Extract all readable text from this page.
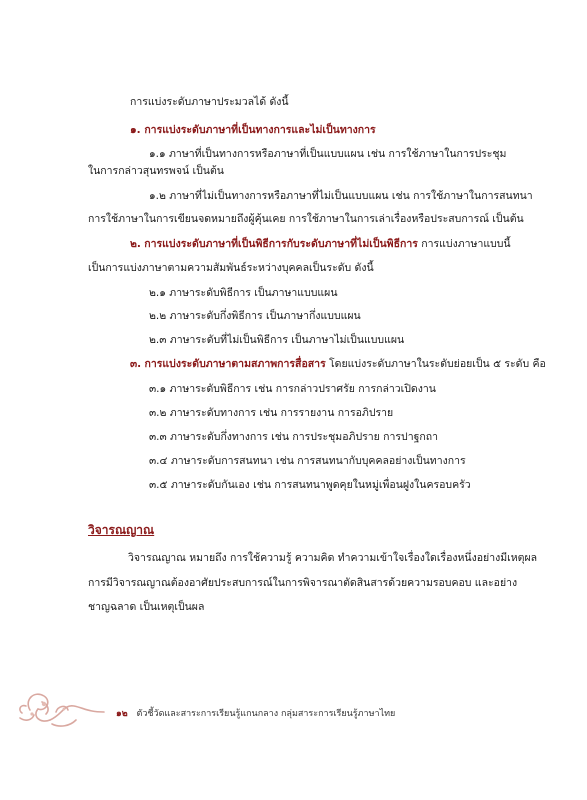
การแบ่งระดับภาษาประมวลได้ ดังนี้
๑. การแบ่งระดับภาษาที่เป็นทางการและไม่เป็นทางการ
๑.๑ ภาษาที่เป็นทางการหรือภาษาที่เป็นแบบแผน เช่น การใช้ภาษาในการประชุม
ในการกล่าวสุนทรพจน์ เป็นต้น
๑.๒ ภาษาที่ไม่เป็นทางการหรือภาษาที่ไม่เป็นแบบแผน เช่น การใช้ภาษาในการสนทนา
การใช้ภาษาในการเขียนจดหมายถึงผู้คุ้นเคย การใช้ภาษาในการเล่าเรื่องหรือประสบการณ์ เป็นต้น
๒. การแบ่งระดับภาษาที่เป็นพิธีการกับระดับภาษาที่ไม่เป็นพิธีการ การแบ่งภาษาแบบนี้
เป็นการแบ่งภาษาตามความสัมพันธ์ระหว่างบุคคลเป็นระดับ ดังนี้
๒.๑ ภาษาระดับพิธีการ เป็นภาษาแบบแผน
๒.๒ ภาษาระดับกึ่งพิธีการ เป็นภาษากึ่งแบบแผน
๒.๓ ภาษาระดับที่ไม่เป็นพิธีการ เป็นภาษาไม่เป็นแบบแผน
๓. การแบ่งระดับภาษาตามสภาพการสื่อสาร โดยแบ่งระดับภาษาในระดับย่อยเป็น ๕ ระดับ คือ
๓.๑ ภาษาระดับพิธีการ เช่น การกล่าวปราศรัย การกล่าวเปิดงาน
๓.๒ ภาษาระดับทางการ เช่น การรายงาน การอภิปราย
๓.๓ ภาษาระดับกึ่งทางการ เช่น การประชุมอภิปราย การปาฐกถา
๓.๔ ภาษาระดับการสนทนา เช่น การสนทนากับบุคคลอย่างเป็นทางการ
๓.๕ ภาษาระดับกันเอง เช่น การสนทนาพูดคุยในหมู่เพื่อนฝูงในครอบครัว
วิจารณญาณ
วิจารณญาณ หมายถึง การใช้ความรู้ ความคิด ทำความเข้าใจเรื่องใดเรื่องหนึ่งอย่างมีเหตุผล
การมีวิจารณญาณต้องอาศัยประสบการณ์ในการพิจารณาตัดสินสารด้วยความรอบคอบ และอย่าง
ชาญฉลาด เป็นเหตุเป็นผล
๑๒ ตัวชี้วัดและสาระการเรียนรู้แกนกลาง กลุ่มสาระการเรียนรู้ภาษาไทย
